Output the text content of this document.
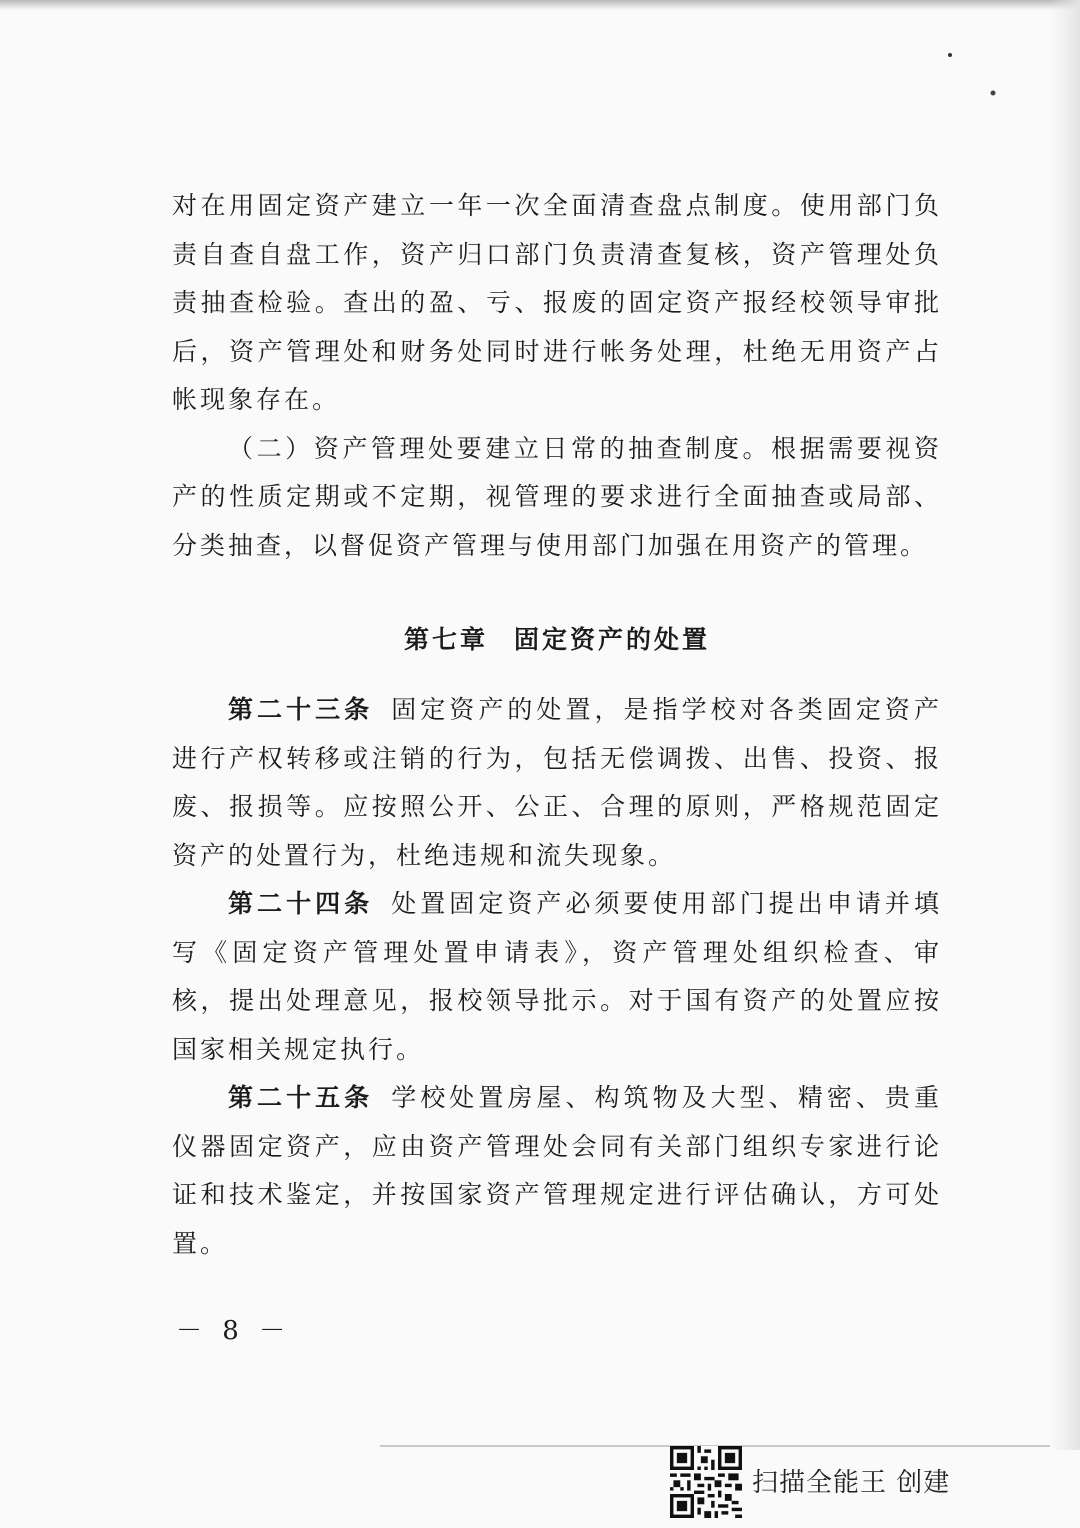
对在用固定资产建立一年一次全面清查盘点制度。使用部门负责自查自盘工作，资产归口部门负责清查复核，资产管理处负责抽查检验。查出的盈、亏、报废的固定资产报经校领导审批后，资产管理处和财务处同时进行帐务处理，杜绝无用资产占帐现象存在。

（二）资产管理处要建立日常的抽查制度。根据需要视资产的性质定期或不定期，视管理的要求进行全面抽查或局部、分类抽查，以督促资产管理与使用部门加强在用资产的管理。

第七章 固定资产的处置

第二十三条 固定资产的处置，是指学校对各类固定资产进行产权转移或注销的行为，包括无偿调拨、出售、投资、报废、报损等。应按照公开、公正、合理的原则，严格规范固定资产的处置行为，杜绝违规和流失现象。

第二十四条 处置固定资产必须要使用部门提出申请并填写《固定资产管理处置申请表》，资产管理处组织检查、审核，提出处理意见，报校领导批示。对于国有资产的处置应按国家相关规定执行。

第二十五条 学校处置房屋、构筑物及大型、精密、贵重仪器固定资产，应由资产管理处会同有关部门组织专家进行论证和技术鉴定，并按国家资产管理规定进行评估确认，方可处置。

－ 8 －
扫描全能王 创建
